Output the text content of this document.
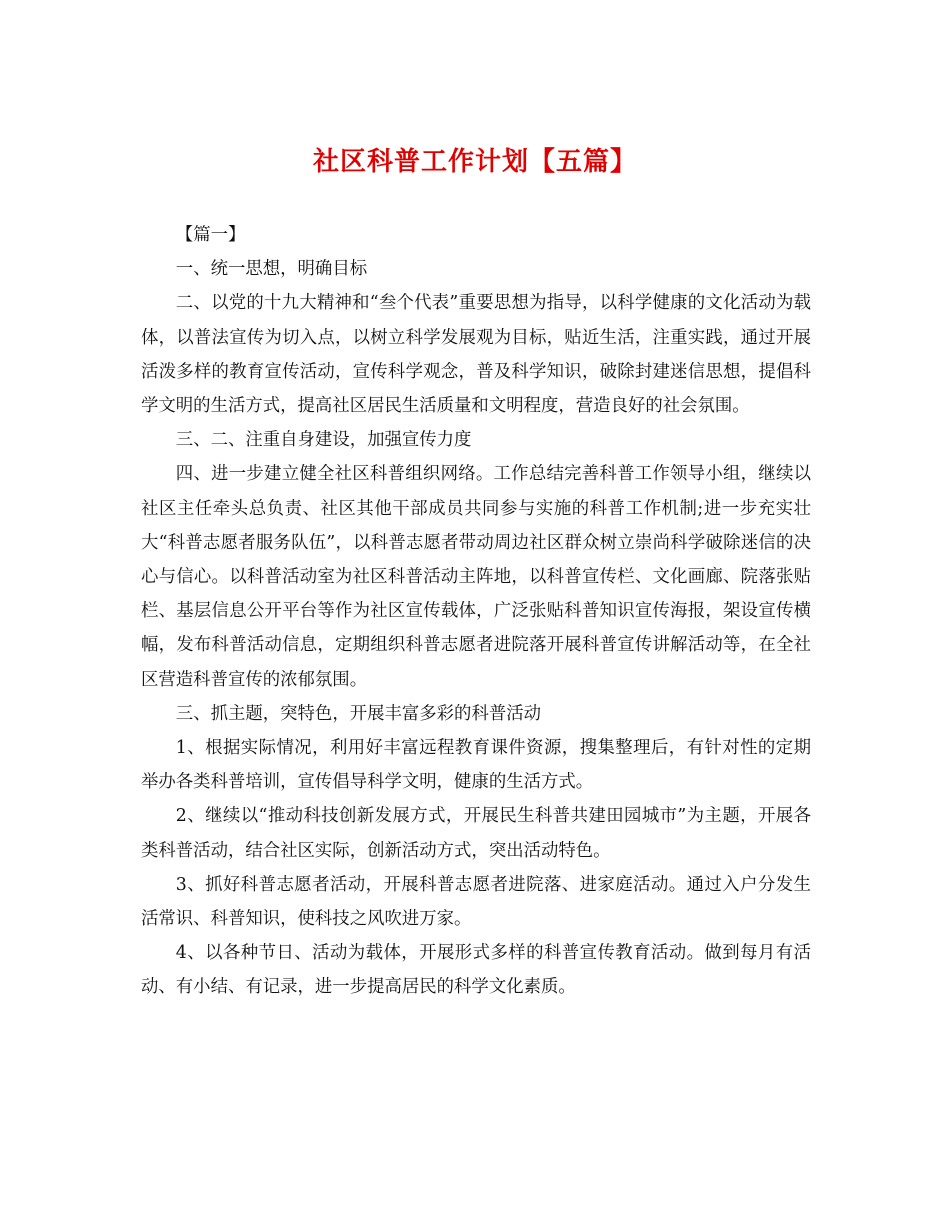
社区科普工作计划【五篇】

【篇一】

一、统一思想，明确目标

二、以党的十九大精神和“叁个代表”重要思想为指导，以科学健康的文化活动为载体，以普法宣传为切入点，以树立科学发展观为目标，贴近生活，注重实践，通过开展活泼多样的教育宣传活动，宣传科学观念，普及科学知识，破除封建迷信思想，提倡科学文明的生活方式，提高社区居民生活质量和文明程度，营造良好的社会氛围。

三、二、注重自身建设，加强宣传力度

四、进一步建立健全社区科普组织网络。工作总结完善科普工作领导小组，继续以社区主任牵头总负责、社区其他干部成员共同参与实施的科普工作机制;进一步充实壮大“科普志愿者服务队伍”，以科普志愿者带动周边社区群众树立崇尚科学破除迷信的决心与信心。以科普活动室为社区科普活动主阵地，以科普宣传栏、文化画廊、院落张贴栏、基层信息公开平台等作为社区宣传载体，广泛张贴科普知识宣传海报，架设宣传横幅，发布科普活动信息，定期组织科普志愿者进院落开展科普宣传讲解活动等，在全社区营造科普宣传的浓郁氛围。

三、抓主题，突特色，开展丰富多彩的科普活动

1、根据实际情况，利用好丰富远程教育课件资源，搜集整理后，有针对性的定期举办各类科普培训，宣传倡导科学文明，健康的生活方式。

2、继续以“推动科技创新发展方式，开展民生科普共建田园城市”为主题，开展各类科普活动，结合社区实际，创新活动方式，突出活动特色。

3、抓好科普志愿者活动，开展科普志愿者进院落、进家庭活动。通过入户分发生活常识、科普知识，使科技之风吹进万家。

4、以各种节日、活动为载体，开展形式多样的科普宣传教育活动。做到每月有活动、有小结、有记录，进一步提高居民的科学文化素质。
